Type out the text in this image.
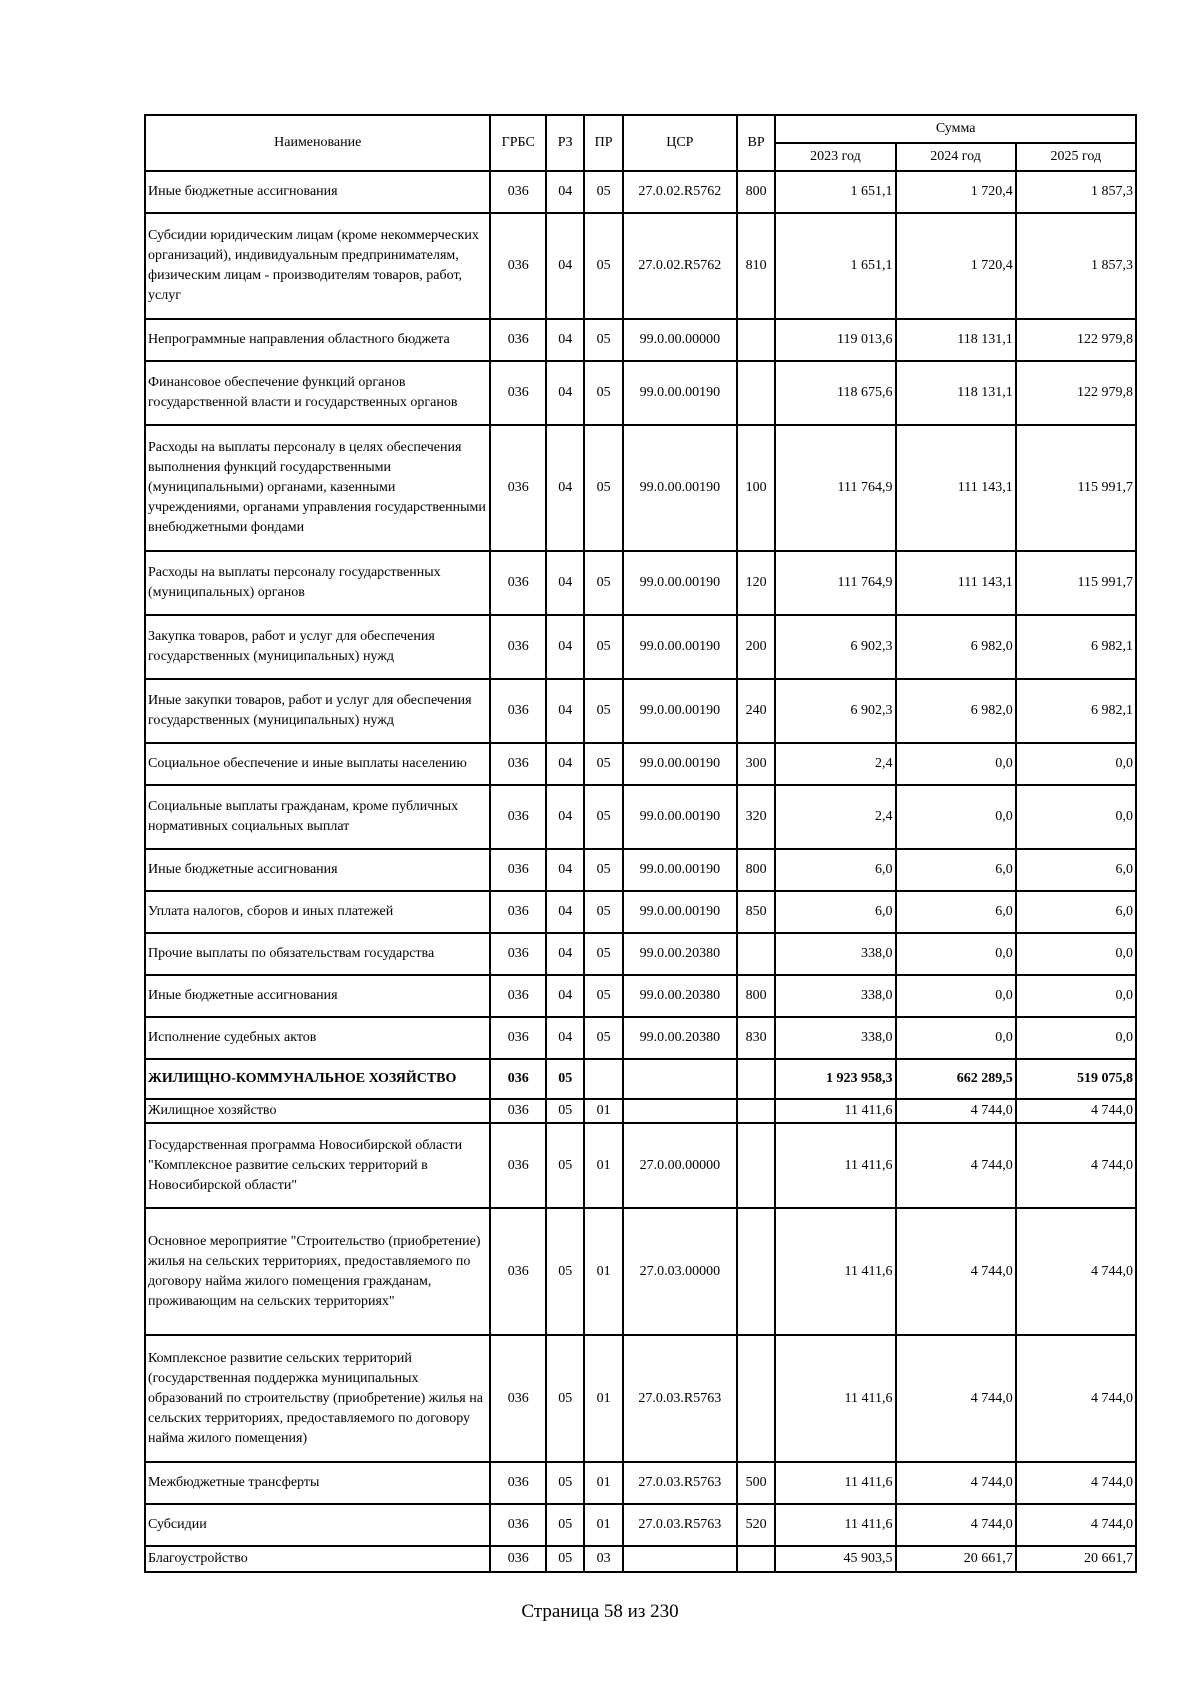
Наименование	ГРБС	РЗ	ПР	ЦСР	ВР	Сумма		
						2023 год	2024 год	2025 год
Иные бюджетные ассигнования	036	04	05	27.0.02.R5762	800	1 651,1	1 720,4	1 857,3
Субсидии юридическим лицам (кроме некоммерческих организаций), индивидуальным предпринимателям, физическим лицам - производителям товаров, работ, услуг	036	04	05	27.0.02.R5762	810	1 651,1	1 720,4	1 857,3
Непрограммные направления областного бюджета	036	04	05	99.0.00.00000		119 013,6	118 131,1	122 979,8
Финансовое обеспечение функций органов государственной власти и государственных органов	036	04	05	99.0.00.00190		118 675,6	118 131,1	122 979,8
Расходы на выплаты персоналу в целях обеспечения выполнения функций государственными (муниципальными) органами, казенными учреждениями, органами управления государственными внебюджетными фондами	036	04	05	99.0.00.00190	100	111 764,9	111 143,1	115 991,7
Расходы на выплаты персоналу государственных (муниципальных) органов	036	04	05	99.0.00.00190	120	111 764,9	111 143,1	115 991,7
Закупка товаров, работ и услуг для обеспечения государственных (муниципальных) нужд	036	04	05	99.0.00.00190	200	6 902,3	6 982,0	6 982,1
Иные закупки товаров, работ и услуг для обеспечения государственных (муниципальных) нужд	036	04	05	99.0.00.00190	240	6 902,3	6 982,0	6 982,1
Социальное обеспечение и иные выплаты населению	036	04	05	99.0.00.00190	300	2,4	0,0	0,0
Социальные выплаты гражданам, кроме публичных нормативных социальных выплат	036	04	05	99.0.00.00190	320	2,4	0,0	0,0
Иные бюджетные ассигнования	036	04	05	99.0.00.00190	800	6,0	6,0	6,0
Уплата налогов, сборов и иных платежей	036	04	05	99.0.00.00190	850	6,0	6,0	6,0
Прочие выплаты по обязательствам государства	036	04	05	99.0.00.20380		338,0	0,0	0,0
Иные бюджетные ассигнования	036	04	05	99.0.00.20380	800	338,0	0,0	0,0
Исполнение судебных актов	036	04	05	99.0.00.20380	830	338,0	0,0	0,0
ЖИЛИЩНО-КОММУНАЛЬНОЕ ХОЗЯЙСТВО	036	05				1 923 958,3	662 289,5	519 075,8
Жилищное хозяйство	036	05	01			11 411,6	4 744,0	4 744,0
Государственная программа Новосибирской области "Комплексное развитие сельских территорий в Новосибирской области"	036	05	01	27.0.00.00000		11 411,6	4 744,0	4 744,0
Основное мероприятие "Строительство (приобретение) жилья на сельских территориях, предоставляемого по договору найма жилого помещения гражданам, проживающим на сельских территориях"	036	05	01	27.0.03.00000		11 411,6	4 744,0	4 744,0
Комплексное развитие сельских территорий (государственная поддержка муниципальных образований по строительству (приобретение) жилья на сельских территориях, предоставляемого по договору найма жилого помещения)	036	05	01	27.0.03.R5763		11 411,6	4 744,0	4 744,0
Межбюджетные трансферты	036	05	01	27.0.03.R5763	500	11 411,6	4 744,0	4 744,0
Субсидии	036	05	01	27.0.03.R5763	520	11 411,6	4 744,0	4 744,0
Благоустройство	036	05	03			45 903,5	20 661,7	20 661,7
Страница 58 из 230
